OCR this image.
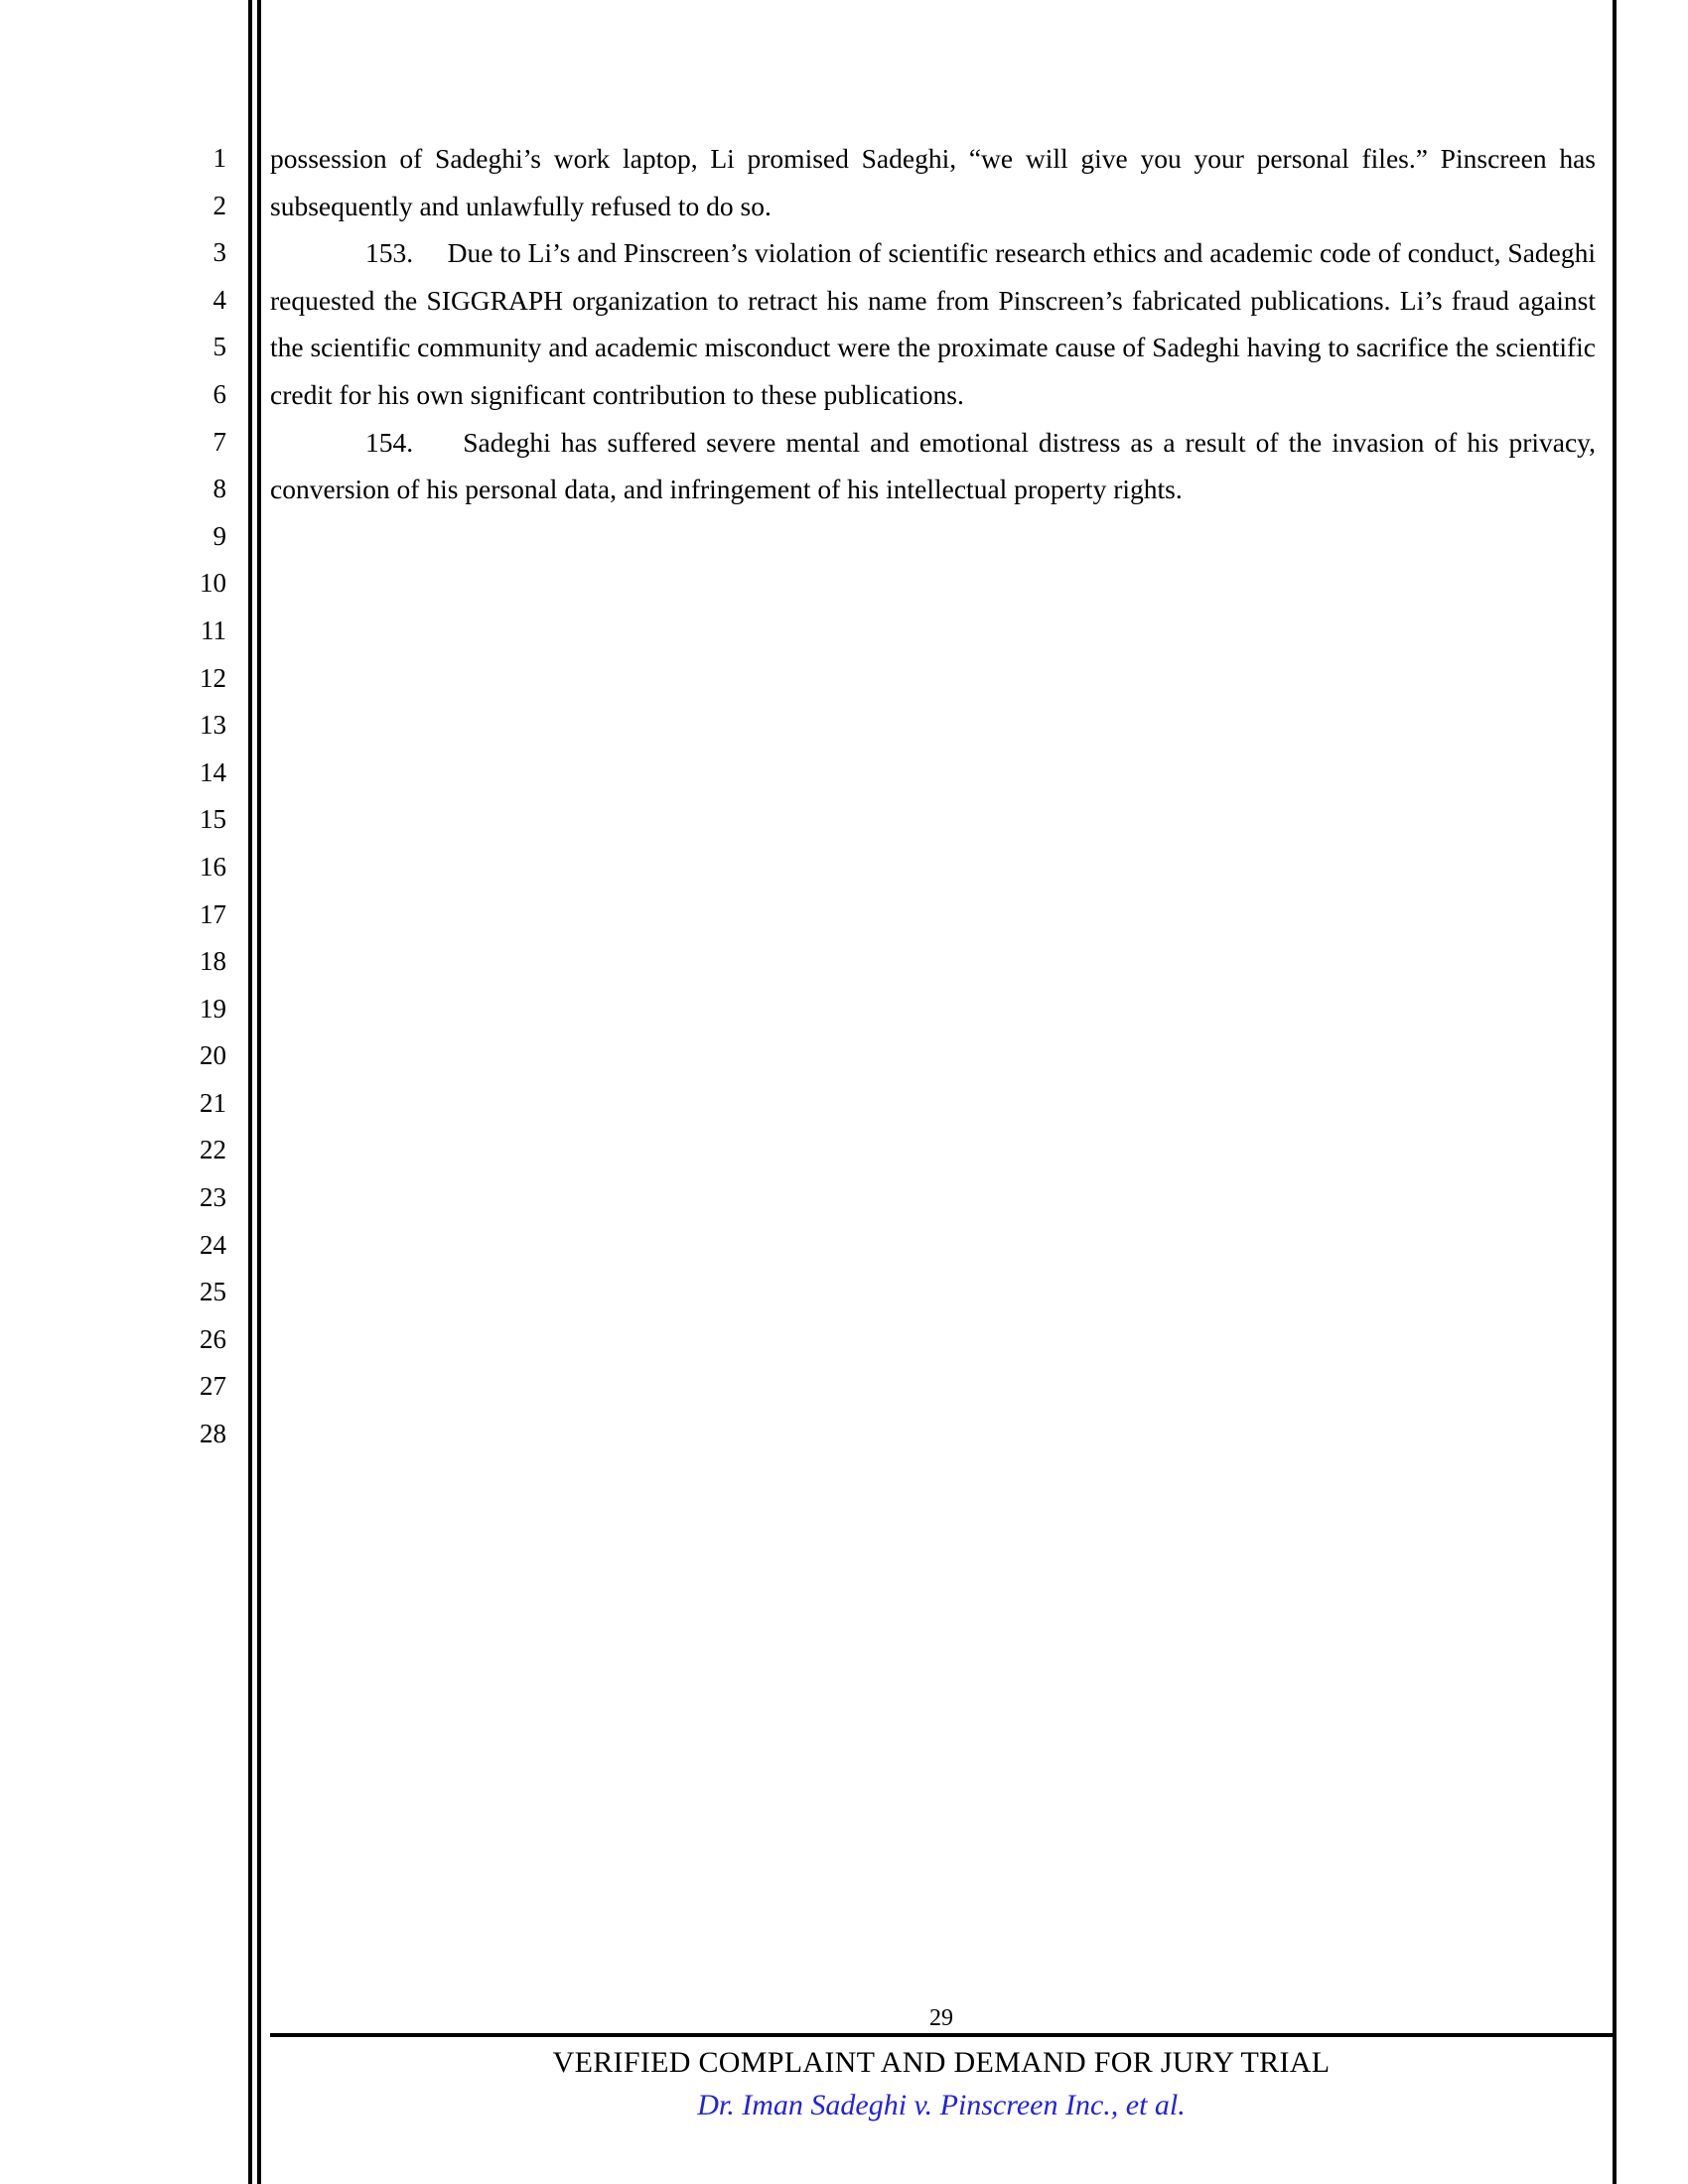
1
2
3
4
5
6
7
8
9
10
11
12
13
14
15
16
17
18
19
20
21
22
23
24
25
26
27
28

possession of Sadeghi’s work laptop, Li promised Sadeghi, “we will give you your personal files.” Pinscreen has subsequently and unlawfully refused to do so.

153. Due to Li’s and Pinscreen’s violation of scientific research ethics and academic code of conduct, Sadeghi requested the SIGGRAPH organization to retract his name from Pinscreen’s fabricated publications. Li’s fraud against the scientific community and academic misconduct were the proximate cause of Sadeghi having to sacrifice the scientific credit for his own significant contribution to these publications.

154. Sadeghi has suffered severe mental and emotional distress as a result of the invasion of his privacy, conversion of his personal data, and infringement of his intellectual property rights.

29
VERIFIED COMPLAINT AND DEMAND FOR JURY TRIAL
Dr. Iman Sadeghi v. Pinscreen Inc., et al.
